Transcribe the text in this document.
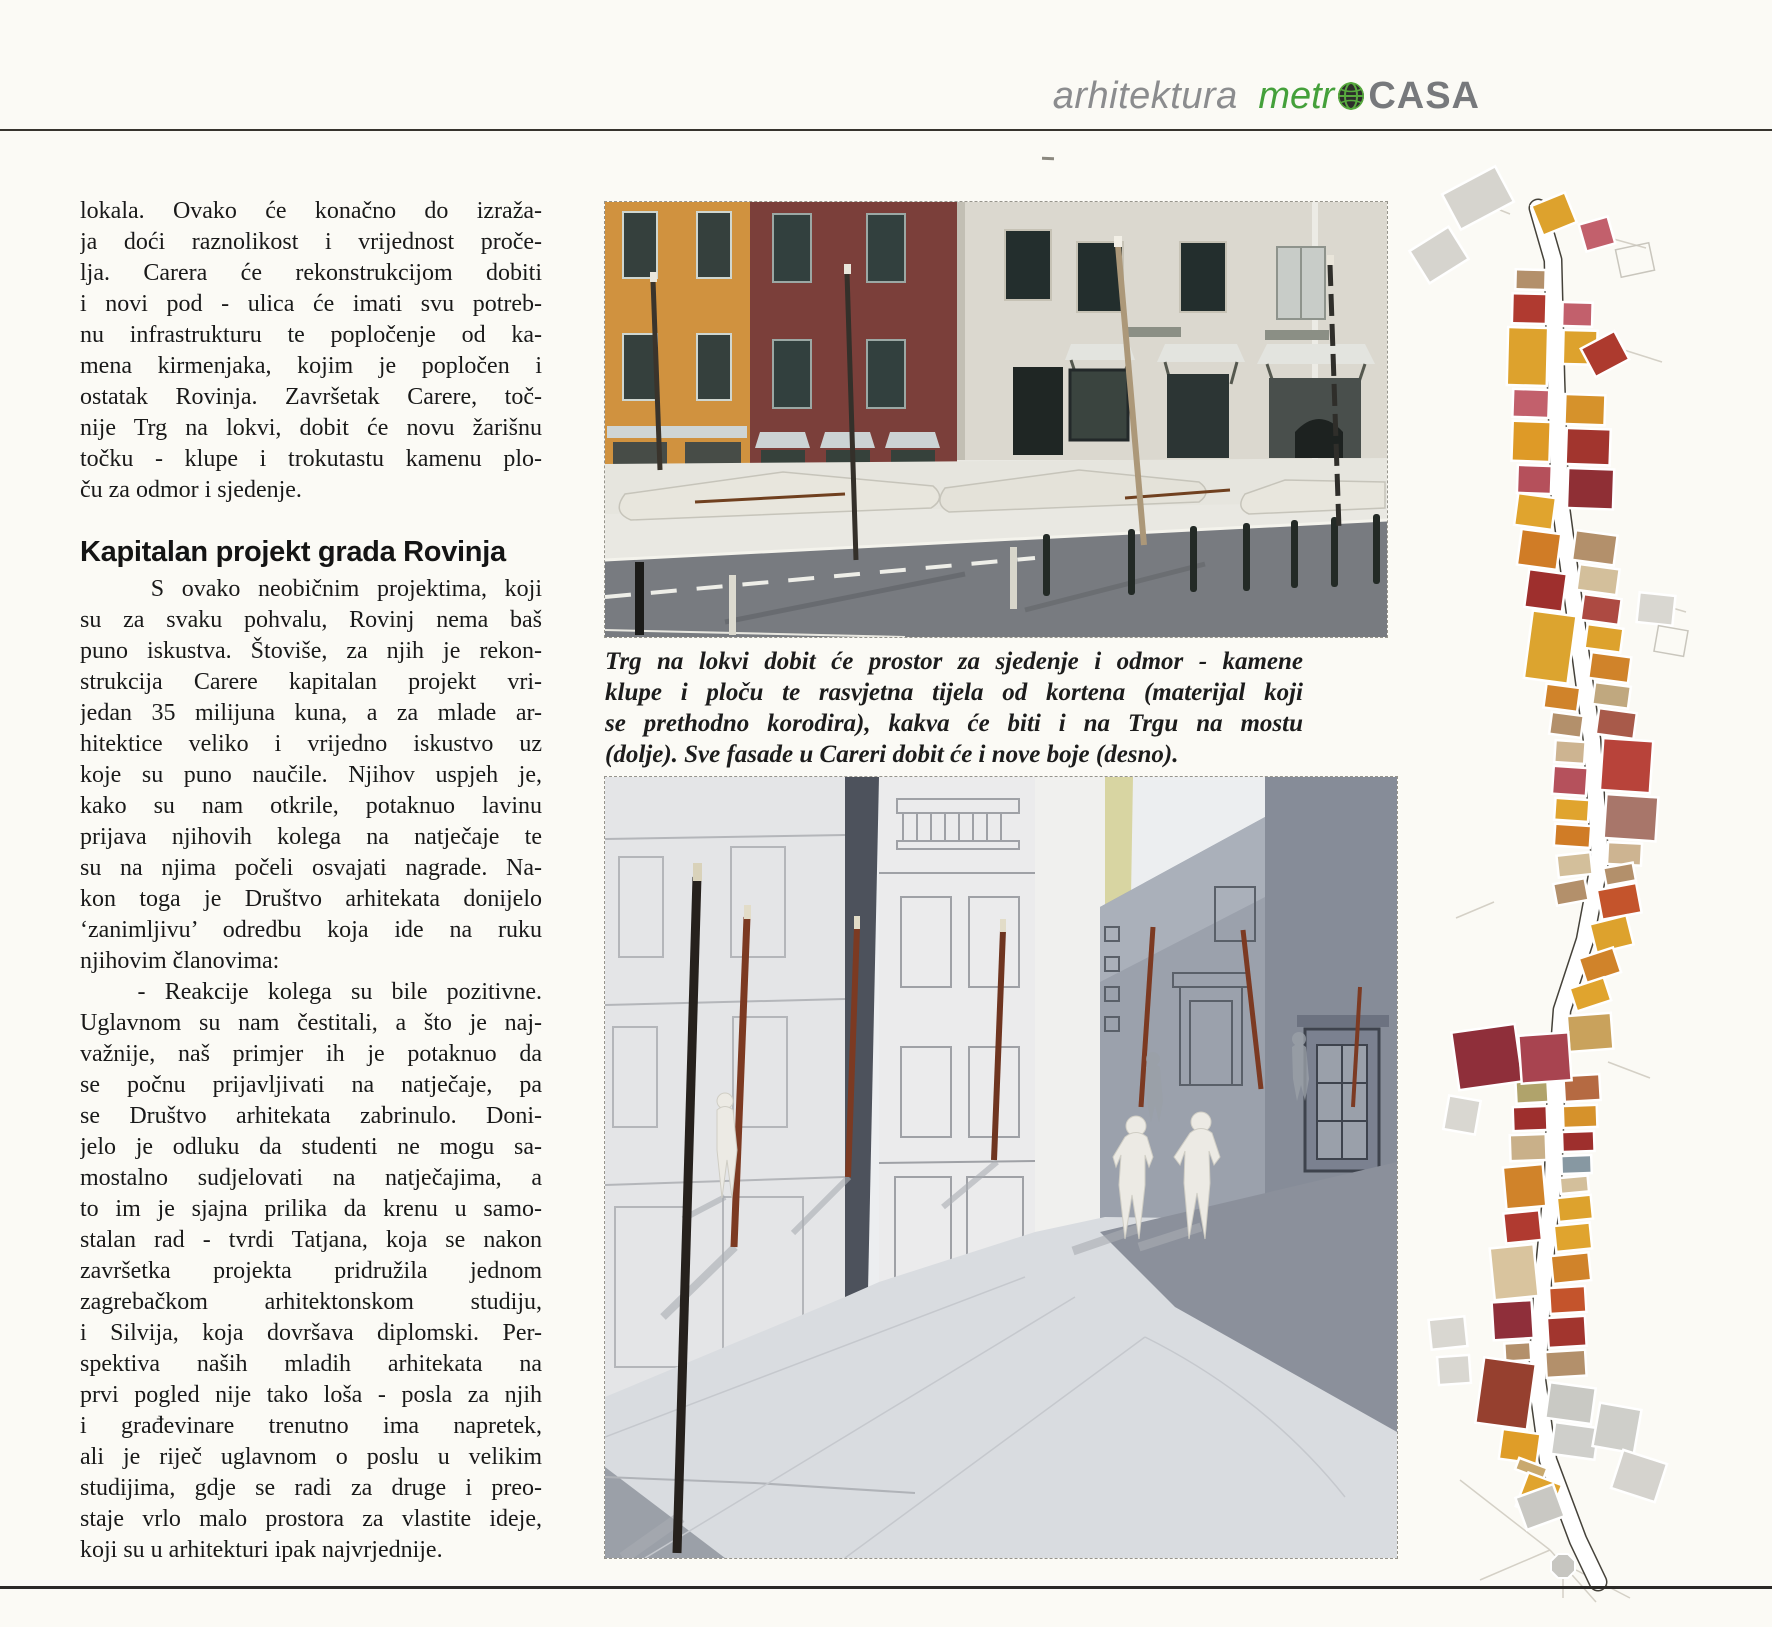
arhitektura metr CASA
lokala. Ovako će konačno do izraža-
ja doći raznolikost i vrijednost proče-
lja. Carera će rekonstrukcijom dobiti
i novi pod - ulica će imati svu potreb-
nu infrastrukturu te popločenje od ka-
mena kirmenjaka, kojim je popločen i
ostatak Rovinja. Završetak Carere, toč-
nije Trg na lokvi, dobit će novu žarišnu
točku - klupe i trokutastu kamenu plo-
ču za odmor i sjedenje.
Kapitalan projekt grada Rovinja
S ovako neobičnim projektima, koji
su za svaku pohvalu, Rovinj nema baš
puno iskustva. Štoviše, za njih je rekon-
strukcija Carere kapitalan projekt vri-
jedan 35 milijuna kuna, a za mlade ar-
hitektice veliko i vrijedno iskustvo uz
koje su puno naučile. Njihov uspjeh je,
kako su nam otkrile, potaknuo lavinu
prijava njihovih kolega na natječaje te
su na njima počeli osvajati nagrade. Na-
kon toga je Društvo arhitekata donijelo
‘zanimljivu’ odredbu koja ide na ruku
njihovim članovima:
- Reakcije kolega su bile pozitivne.
Uglavnom su nam čestitali, a što je naj-
važnije, naš primjer ih je potaknuo da
se počnu prijavljivati na natječaje, pa
se Društvo arhitekata zabrinulo. Doni-
jelo je odluku da studenti ne mogu sa-
mostalno sudjelovati na natječajima, a
to im je sjajna prilika da krenu u samo-
stalan rad - tvrdi Tatjana, koja se nakon
završetka projekta pridružila jednom
zagrebačkom arhitektonskom studiju,
i Silvija, koja dovršava diplomski. Per-
spektiva naših mladih arhitekata na
prvi pogled nije tako loša - posla za njih
i građevinare trenutno ima napretek,
ali je riječ uglavnom o poslu u velikim
studijima, gdje se radi za druge i preo-
staje vrlo malo prostora za vlastite ideje,
koji su u arhitekturi ipak najvrjednije.
Trg na lokvi dobit će prostor za sjedenje i odmor - kamene
klupe i ploču te rasvjetna tijela od kortena (materijal koji
se prethodno korodira), kakva će biti i na Trgu na mostu
(dolje). Sve fasade u Careri dobit će i nove boje (desno).
